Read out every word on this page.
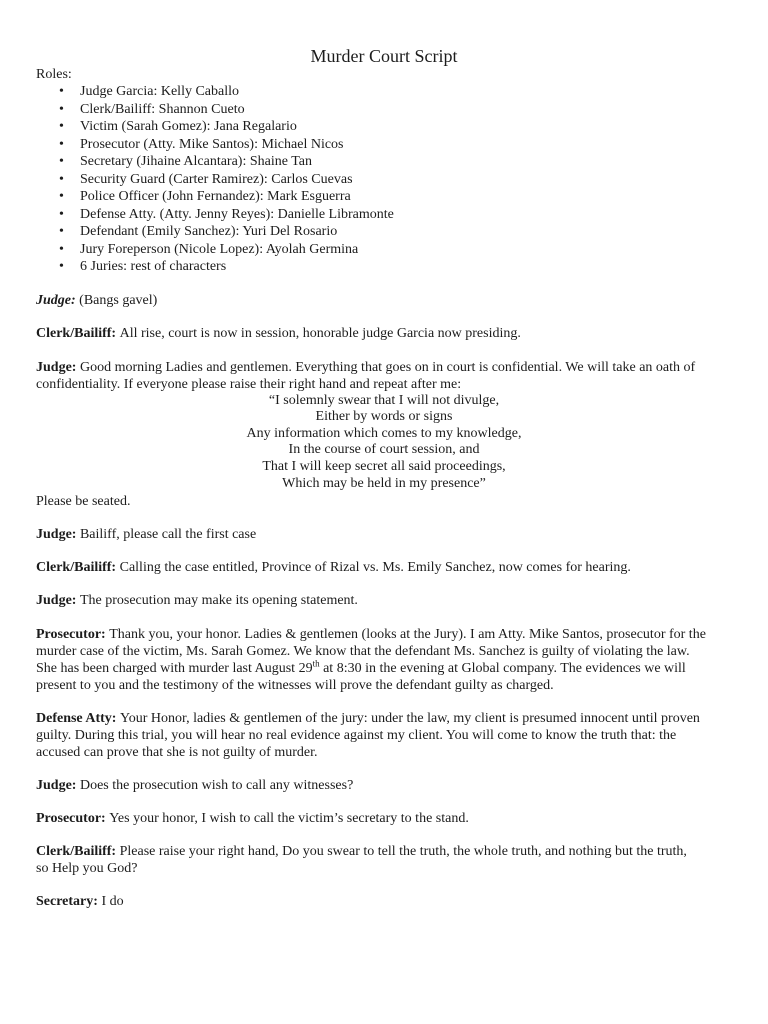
Murder Court Script
Roles:
• Judge Garcia: Kelly Caballo
• Clerk/Bailiff: Shannon Cueto
• Victim (Sarah Gomez): Jana Regalario
• Prosecutor (Atty. Mike Santos): Michael Nicos
• Secretary (Jihaine Alcantara): Shaine Tan
• Security Guard (Carter Ramirez): Carlos Cuevas
• Police Officer (John Fernandez): Mark Esguerra
• Defense Atty. (Atty. Jenny Reyes): Danielle Libramonte
• Defendant (Emily Sanchez): Yuri Del Rosario
• Jury Foreperson (Nicole Lopez): Ayolah Germina
• 6 Juries: rest of characters
Judge: (Bangs gavel)
Clerk/Bailiff: All rise, court is now in session, honorable judge Garcia now presiding.
Judge: Good morning Ladies and gentlemen. Everything that goes on in court is confidential. We will take an oath of
confidentiality. If everyone please raise their right hand and repeat after me:
“I solemnly swear that I will not divulge,
Either by words or signs
Any information which comes to my knowledge,
In the course of court session, and
That I will keep secret all said proceedings,
Which may be held in my presence”
Please be seated.
Judge: Bailiff, please call the first case
Clerk/Bailiff: Calling the case entitled, Province of Rizal vs. Ms. Emily Sanchez, now comes for hearing.
Judge: The prosecution may make its opening statement.
Prosecutor: Thank you, your honor. Ladies & gentlemen (looks at the Jury). I am Atty. Mike Santos, prosecutor for the
murder case of the victim, Ms. Sarah Gomez. We know that the defendant Ms. Sanchez is guilty of violating the law.
She has been charged with murder last August 29th at 8:30 in the evening at Global company. The evidences we will
present to you and the testimony of the witnesses will prove the defendant guilty as charged.
Defense Atty: Your Honor, ladies & gentlemen of the jury: under the law, my client is presumed innocent until proven
guilty. During this trial, you will hear no real evidence against my client. You will come to know the truth that: the
accused can prove that she is not guilty of murder.
Judge: Does the prosecution wish to call any witnesses?
Prosecutor: Yes your honor, I wish to call the victim’s secretary to the stand.
Clerk/Bailiff: Please raise your right hand, Do you swear to tell the truth, the whole truth, and nothing but the truth,
so Help you God?
Secretary: I do
